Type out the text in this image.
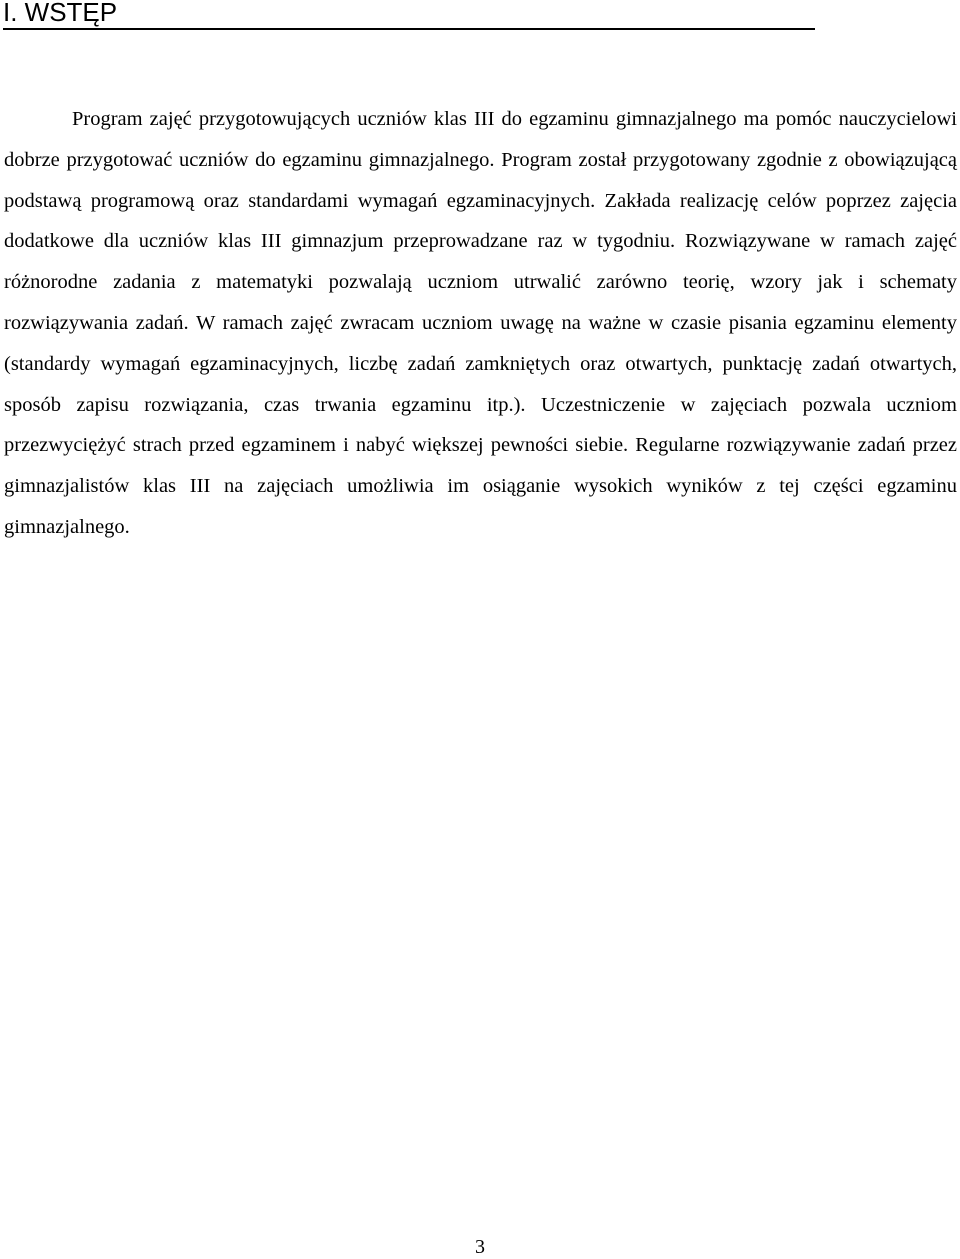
I. WSTĘP

Program zajęć przygotowujących uczniów klas III do egzaminu gimnazjalnego ma pomóc nauczycielowi dobrze przygotować uczniów do egzaminu gimnazjalnego. Program został przygotowany zgodnie z obowiązującą podstawą programową oraz standardami wymagań egzaminacyjnych. Zakłada realizację celów poprzez zajęcia dodatkowe dla uczniów klas III gimnazjum przeprowadzane raz w tygodniu. Rozwiązywane w ramach zajęć różnorodne zadania z matematyki pozwalają uczniom utrwalić zarówno teorię, wzory jak i schematy rozwiązywania zadań. W ramach zajęć zwracam uczniom uwagę na ważne w czasie pisania egzaminu elementy (standardy wymagań egzaminacyjnych, liczbę zadań zamkniętych oraz otwartych, punktację zadań otwartych, sposób zapisu rozwiązania, czas trwania egzaminu itp.). Uczestniczenie w zajęciach pozwala uczniom przezwyciężyć strach przed egzaminem i nabyć większej pewności siebie. Regularne rozwiązywanie zadań przez gimnazjalistów klas III na zajęciach umożliwia im osiąganie wysokich wyników z tej części egzaminu gimnazjalnego.

3
